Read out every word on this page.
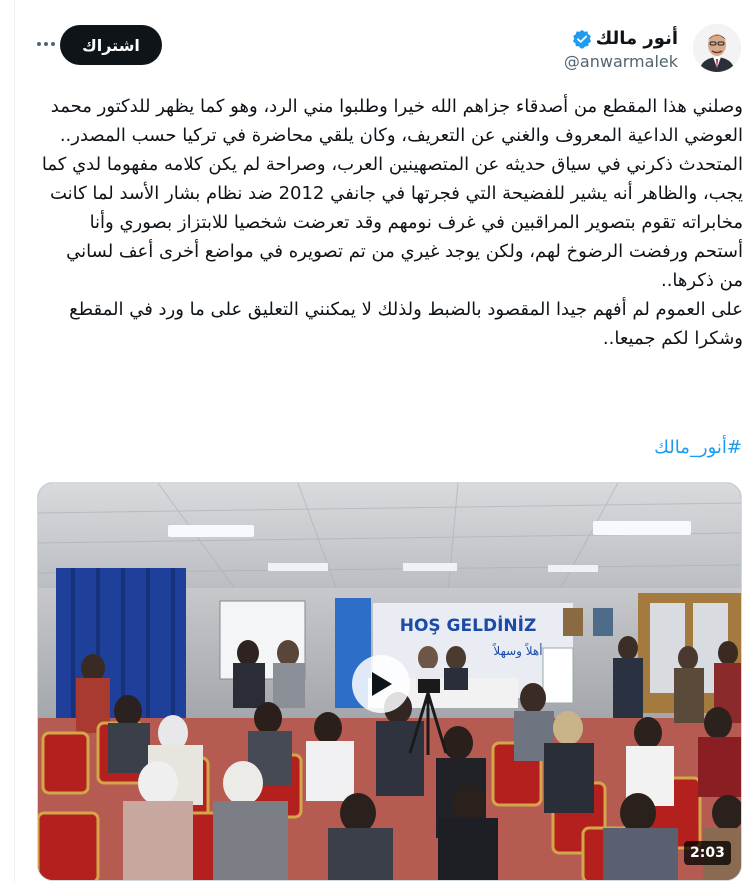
أنور مالك
@anwarmalek
اشتراك

وصلني هذا المقطع من أصدقاء جزاهم الله خيرا وطلبوا مني الرد، وهو كما يظهر للدكتور محمد العوضي الداعية المعروف والغني عن التعريف، وكان يلقي محاضرة في تركيا حسب المصدر..

المتحدث ذكرني في سياق حديثه عن المتصهينين العرب، وصراحة لم يكن كلامه مفهوما لدي كما يجب، والظاهر أنه يشير للفضيحة التي فجرتها في جانفي 2012 ضد نظام بشار الأسد لما كانت مخابراته تقوم بتصوير المراقبين في غرف نومهم وقد تعرضت شخصيا للابتزاز بصوري وأنا أستحم ورفضت الرضوخ لهم، ولكن يوجد غيري من تم تصويره في مواضع أخرى أعف لساني من ذكرها..

على العموم لم أفهم جيدا المقصود بالضبط ولذلك لا يمكنني التعليق على ما ورد في المقطع وشكرا لكم جميعا..

#أنور_مالك
HOŞ GELDİNİZ
أهلاً وسهلاً
2:03
